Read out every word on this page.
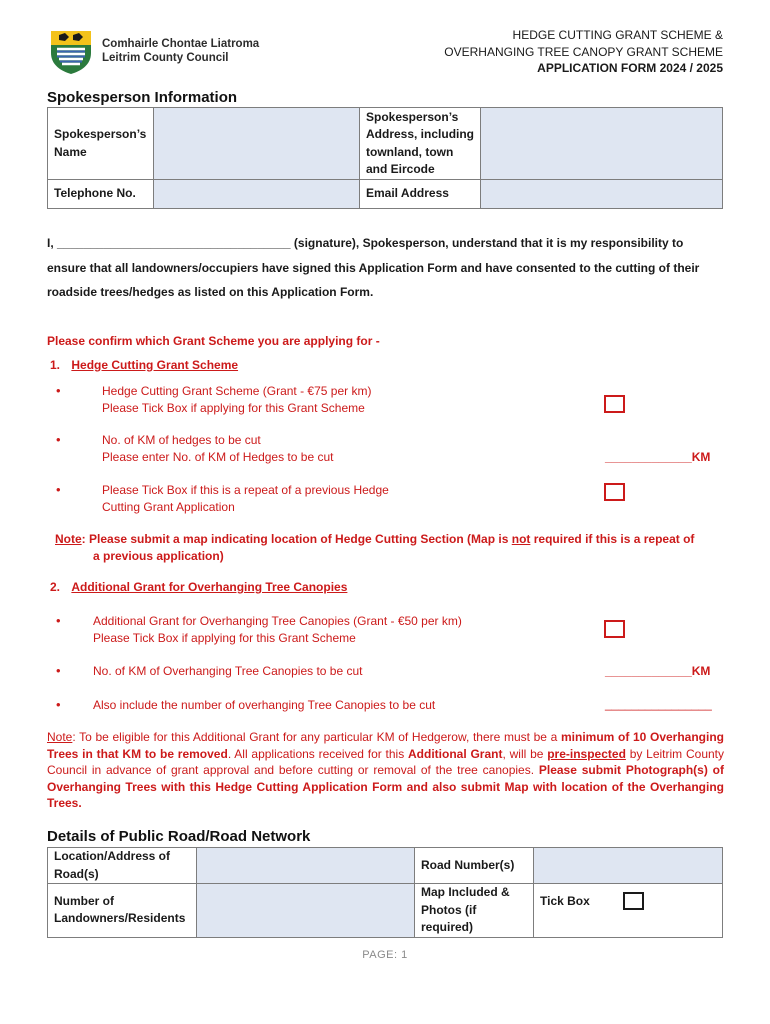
Comhairle Chontae Liatroma
Leitrim County Council
HEDGE CUTTING GRANT SCHEME &
OVERHANGING TREE CANOPY GRANT SCHEME
APPLICATION FORM 2024 / 2025
Spokesperson Information
Spokesperson’s Name		Spokesperson’s Address, including townland, town and Eircode	
Telephone No.		Email Address	
I, ___________________________________ (signature), Spokesperson, understand that it is my responsibility to
ensure that all landowners/occupiers have signed this Application Form and have consented to the cutting of their
roadside trees/hedges as listed on this Application Form.
Please confirm which Grant Scheme you are applying for -
1. Hedge Cutting Grant Scheme
•	Hedge Cutting Grant Scheme (Grant - €75 per km)
Please Tick Box if applying for this Grant Scheme
•	No. of KM of hedges to be cut
Please enter No. of KM of Hedges to be cut	_____________KM
•	Please Tick Box if this is a repeat of a previous Hedge
Cutting Grant Application
Note: Please submit a map indicating location of Hedge Cutting Section (Map is not required if this is a repeat of
a previous application)
2. Additional Grant for Overhanging Tree Canopies
•	Additional Grant for Overhanging Tree Canopies (Grant - €50 per km)
Please Tick Box if applying for this Grant Scheme
•	No. of KM of Overhanging Tree Canopies to be cut	_____________KM
•	Also include the number of overhanging Tree Canopies to be cut	________________
Note: To be eligible for this Additional Grant for any particular KM of Hedgerow, there must be a minimum of 10 Overhanging Trees in that KM to be removed. All applications received for this Additional Grant, will be pre-inspected by Leitrim County Council in advance of grant approval and before cutting or removal of the tree canopies. Please submit Photograph(s) of Overhanging Trees with this Hedge Cutting Application Form and also submit Map with location of the Overhanging Trees.
Details of Public Road/Road Network
Location/Address of Road(s)		Road Number(s)	
Number of Landowners/Residents		Map Included & Photos (if required)	Tick Box
PAGE: 1
